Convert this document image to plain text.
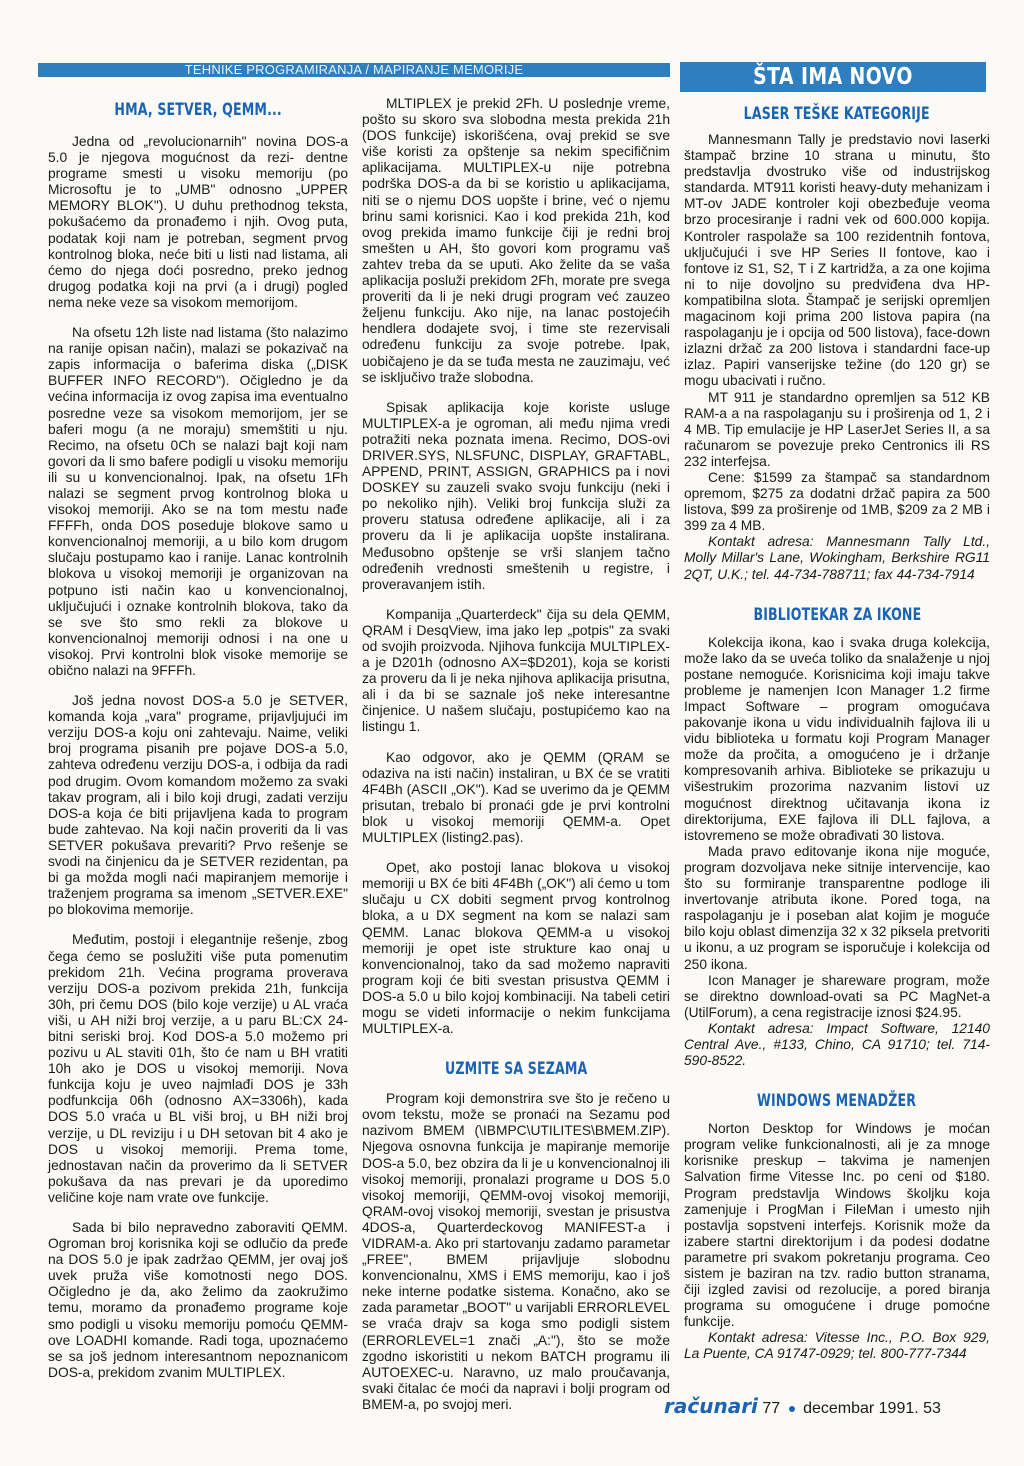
TEHNIKE PROGRAMIRANJA / MAPIRANJE MEMORIJE	ŠTA IMA NOVO
HMA, SETVER, QEMM...

Jedna od „revolucionarnih" novina DOS-a 5.0 je njegova mogućnost da rezi- dentne programe smesti u visoku memoriju (po Microsoftu je to „UMB" odnosno „UPPER MEMORY BLOK"). U duhu prethodnog teksta, pokušaćemo da pronađemo i njih. Ovog puta, podatak koji nam je potreban, segment prvog kontrolnog bloka, neće biti u listi nad listama, ali ćemo do njega doći posredno, preko jednog drugog podatka koji na prvi (a i drugi) pogled nema neke veze sa visokom memorijom.

Na ofsetu 12h liste nad listama (što nalazimo na ranije opisan način), malazi se pokazivač na zapis informacija o baferima diska („DISK BUFFER INFO RECORD"). Očigledno je da većina informacija iz ovog zapisa ima eventualno posredne veze sa visokom memorijom, jer se baferi mogu (a ne moraju) smemštiti u nju. Recimo, na ofsetu 0Ch se nalazi bajt koji nam govori da li smo bafere podigli u visoku memoriju ili su u konvencionalnoj. Ipak, na ofsetu 1Fh nalazi se segment prvog kontrolnog bloka u visokoj memoriji. Ako se na tom mestu nađe FFFFh, onda DOS poseduje blokove samo u konvencionalnoj memoriji, a u bilo kom drugom slučaju postupamo kao i ranije. Lanac kontrolnih blokova u visokoj memoriji je organizovan na potpuno isti način kao u konvencionalnoj, uključujući i oznake kontrolnih blokova, tako da se sve što smo rekli za blokove u konvencionalnoj memoriji odnosi i na one u visokoj. Prvi kontrolni blok visoke memorije se obično nalazi na 9FFFh.

Još jedna novost DOS-a 5.0 je SETVER, komanda koja „vara" programe, prijavljujući im verziju DOS-a koju oni zahtevaju. Naime, veliki broj programa pisanih pre pojave DOS-a 5.0, zahteva određenu verziju DOS-a, i odbija da radi pod drugim. Ovom komandom možemo za svaki takav program, ali i bilo koji drugi, zadati verziju DOS-a koja će biti prijavljena kada to program bude zahtevao. Na koji način proveriti da li vas SETVER pokušava prevariti? Prvo rešenje se svodi na činjenicu da je SETVER rezidentan, pa bi ga možda mogli naći mapiranjem memorije i traženjem programa sa imenom „SETVER.EXE" po blokovima memorije.

Međutim, postoji i elegantnije rešenje, zbog čega ćemo se poslužiti više puta pomenutim prekidom 21h. Većina programa proverava verziju DOS-a pozivom prekida 21h, funkcija 30h, pri čemu DOS (bilo koje verzije) u AL vraća viši, u AH niži broj verzije, a u paru BL:CX 24-bitni seriski broj. Kod DOS-a 5.0 možemo pri pozivu u AL staviti 01h, što će nam u BH vratiti 10h ako je DOS u visokoj memoriji. Nova funkcija koju je uveo najmlađi DOS je 33h podfunkcija 06h (odnosno AX=3306h), kada DOS 5.0 vraća u BL viši broj, u BH niži broj verzije, u DL reviziju i u DH setovan bit 4 ako je DOS u visokoj memoriji. Prema tome, jednostavan način da proverimo da li SETVER pokušava da nas prevari je da uporedimo veličine koje nam vrate ove funkcije.

Sada bi bilo nepravedno zaboraviti QEMM. Ogroman broj korisnika koji se odlučio da pređe na DOS 5.0 je ipak zadržao QEMM, jer ovaj još uvek pruža više komotnosti nego DOS. Očigledno je da, ako želimo da zaokružimo temu, moramo da pronađemo programe koje smo podigli u visoku memoriju pomoću QEMM-ove LOADHI komande. Radi toga, upoznaćemo se sa još jednom interesantnom nepoznanicom DOS-a, prekidom zvanim MULTIPLEX.

MLTIPLEX je prekid 2Fh. U poslednje vreme, pošto su skoro sva slobodna mesta prekida 21h (DOS funkcije) iskorišćena, ovaj prekid se sve više koristi za opštenje sa nekim specifičnim aplikacijama. MULTIPLEX-u nije potrebna podrška DOS-a da bi se koristio u aplikacijama, niti se o njemu DOS uopšte i brine, već o njemu brinu sami korisnici. Kao i kod prekida 21h, kod ovog prekida imamo funkcije čiji je redni broj smešten u AH, što govori kom programu vaš zahtev treba da se uputi. Ako želite da se vaša aplikacija posluži prekidom 2Fh, morate pre svega proveriti da li je neki drugi program već zauzeo željenu funkciju. Ako nije, na lanac postojećih hendlera dodajete svoj, i time ste rezervisali određenu funkciju za svoje potrebe. Ipak, uobičajeno je da se tuđa mesta ne zauzimaju, već se isključivo traže slobodna.

Spisak aplikacija koje koriste usluge MULTIPLEX-a je ogroman, ali među njima vredi potražiti neka poznata imena. Recimo, DOS-ovi DRIVER.SYS, NLSFUNC, DISPLAY, GRAFTABL, APPEND, PRINT, ASSIGN, GRAPHICS pa i novi DOSKEY su zauzeli svako svoju funkciju (neki i po nekoliko njih). Veliki broj funkcija služi za proveru statusa određene aplikacije, ali i za proveru da li je aplikacija uopšte instalirana. Međusobno opštenje se vrši slanjem tačno određenih vrednosti smeštenih u registre, i proveravanjem istih.

Kompanija „Quarterdeck" čija su dela QEMM, QRAM i DesqView, ima jako lep „potpis" za svaki od svojih proizvoda. Njihova funkcija MULTIPLEX-a je D201h (odnosno AX=$D201), koja se koristi za proveru da li je neka njihova aplikacija prisutna, ali i da bi se saznale još neke interesantne činjenice. U našem slučaju, postupićemo kao na listingu 1.

Kao odgovor, ako je QEMM (QRAM se odaziva na isti način) instaliran, u BX će se vratiti 4F4Bh (ASCII „OK"). Kad se uverimo da je QEMM prisutan, trebalo bi pronaći gde je prvi kontrolni blok u visokoj memoriji QEMM-a. Opet MULTIPLEX (listing2.pas).

Opet, ako postoji lanac blokova u visokoj memoriji u BX će biti 4F4Bh („OK") ali ćemo u tom slučaju u CX dobiti segment prvog kontrolnog bloka, a u DX segment na kom se nalazi sam QEMM. Lanac blokova QEMM-a u visokoj memoriji je opet iste strukture kao onaj u konvencionalnoj, tako da sad možemo napraviti program koji će biti svestan prisustva QEMM i DOS-a 5.0 u bilo kojoj kombinaciji. Na tabeli cetiri mogu se videti informacije o nekim funkcijama MULTIPLEX-a.

UZMITE SA SEZAMA

Program koji demonstrira sve što je rečeno u ovom tekstu, može se pronaći na Sezamu pod nazivom BMEM (\IBMPC\UTILITES\BMEM.ZIP). Njegova osnovna funkcija je mapiranje memorije DOS-a 5.0, bez obzira da li je u konvencionalnoj ili visokoj memoriji, pronalazi programe u DOS 5.0 visokoj memoriji, QEMM-ovoj visokoj memoriji, QRAM-ovoj visokoj memoriji, svestan je prisustva 4DOS-a, Quarterdeckovog MANIFEST-a i VIDRAM-a. Ako pri startovanju zadamo parametar „FREE", BMEM prijavljuje slobodnu konvencionalnu, XMS i EMS memoriju, kao i još neke interne podatke sistema. Konačno, ako se zada parametar „BOOT" u varijabli ERRORLEVEL se vraća drajv sa koga smo podigli sistem (ERRORLEVEL=1 znači „A:"), što se može zgodno iskoristiti u nekom BATCH programu ili AUTOEXEC-u. Naravno, uz malo proučavanja, svaki čitalac će moći da napravi i bolji program od BMEM-a, po svojoj meri.

LASER TEŠKE KATEGORIJE

Mannesmann Tally je predstavio novi laserki štampač brzine 10 strana u minutu, što predstavlja dvostruko više od industrijskog standarda. MT911 koristi heavy-duty mehanizam i MT-ov JADE kontroler koji obezbeđuje veoma brzo procesiranje i radni vek od 600.000 kopija. Kontroler raspolaže sa 100 rezidentnih fontova, uključujući i sve HP Series II fontove, kao i fontove iz S1, S2, T i Z kartridža, a za one kojima ni to nije dovoljno su predviđena dva HP-kompatibilna slota. Štampač je serijski opremljen magacinom koji prima 200 listova papira (na raspolaganju je i opcija od 500 listova), face-down izlazni držač za 200 listova i standardni face-up izlaz. Papiri vanserijske težine (do 120 gr) se mogu ubacivati i ručno.

MT 911 je standardno opremljen sa 512 KB RAM-a a na raspolaganju su i proširenja od 1, 2 i 4 MB. Tip emulacije je HP LaserJet Series II, a sa računarom se povezuje preko Centronics ili RS 232 interfejsa.

Cene: $1599 za štampač sa standardnom opremom, $275 za dodatni držač papira za 500 listova, $99 za proširenje od 1MB, $209 za 2 MB i 399 za 4 MB.

Kontakt adresa: Mannesmann Tally Ltd., Molly Millar's Lane, Wokingham, Berkshire RG11 2QT, U.K.; tel. 44-734-788711; fax 44-734-7914

BIBLIOTEKAR ZA IKONE

Kolekcija ikona, kao i svaka druga kolekcija, može lako da se uveća toliko da snalaženje u njoj postane nemoguće. Korisnicima koji imaju takve probleme je namenjen Icon Manager 1.2 firme Impact Software – program omogućava pakovanje ikona u vidu individualnih fajlova ili u vidu biblioteka u formatu koji Program Manager može da pročita, a omogućeno je i držanje kompresovanih arhiva. Biblioteke se prikazuju u višestrukim prozorima nazvanim listovi uz mogućnost direktnog učitavanja ikona iz direktorijuma, EXE fajlova ili DLL fajlova, a istovremeno se može obrađivati 30 listova.

Mada pravo editovanje ikona nije moguće, program dozvoljava neke sitnije intervencije, kao što su formiranje transparentne podloge ili invertovanje atributa ikone. Pored toga, na raspolaganju je i poseban alat kojim je moguće bilo koju oblast dimenzija 32 x 32 piksela pretvoriti u ikonu, a uz program se isporučuje i kolekcija od 250 ikona.

Icon Manager je shareware program, može se direktno download-ovati sa PC MagNet-a (UtilForum), a cena registracije iznosi $24.95.

Kontakt adresa: Impact Software, 12140 Central Ave., #133, Chino, CA 91710; tel. 714-590-8522.

WINDOWS MENADŽER

Norton Desktop for Windows je moćan program velike funkcionalnosti, ali je za mnoge korisnike preskup – takvima je namenjen Salvation firme Vitesse Inc. po ceni od $180. Program predstavlja Windows školjku koja zamenjuje i ProgMan i FileMan i umesto njih postavlja sopstveni interfejs. Korisnik može da izabere startni direktorijum i da podesi dodatne parametre pri svakom pokretanju programa. Ceo sistem je baziran na tzv. radio button stranama, čiji izgled zavisi od rezolucije, a pored biranja programa su omogućene i druge pomoćne funkcije.

Kontakt adresa: Vitesse Inc., P.O. Box 929, La Puente, CA 91747-0929; tel. 800-777-7344

računari 77 decembar 1991. 53
